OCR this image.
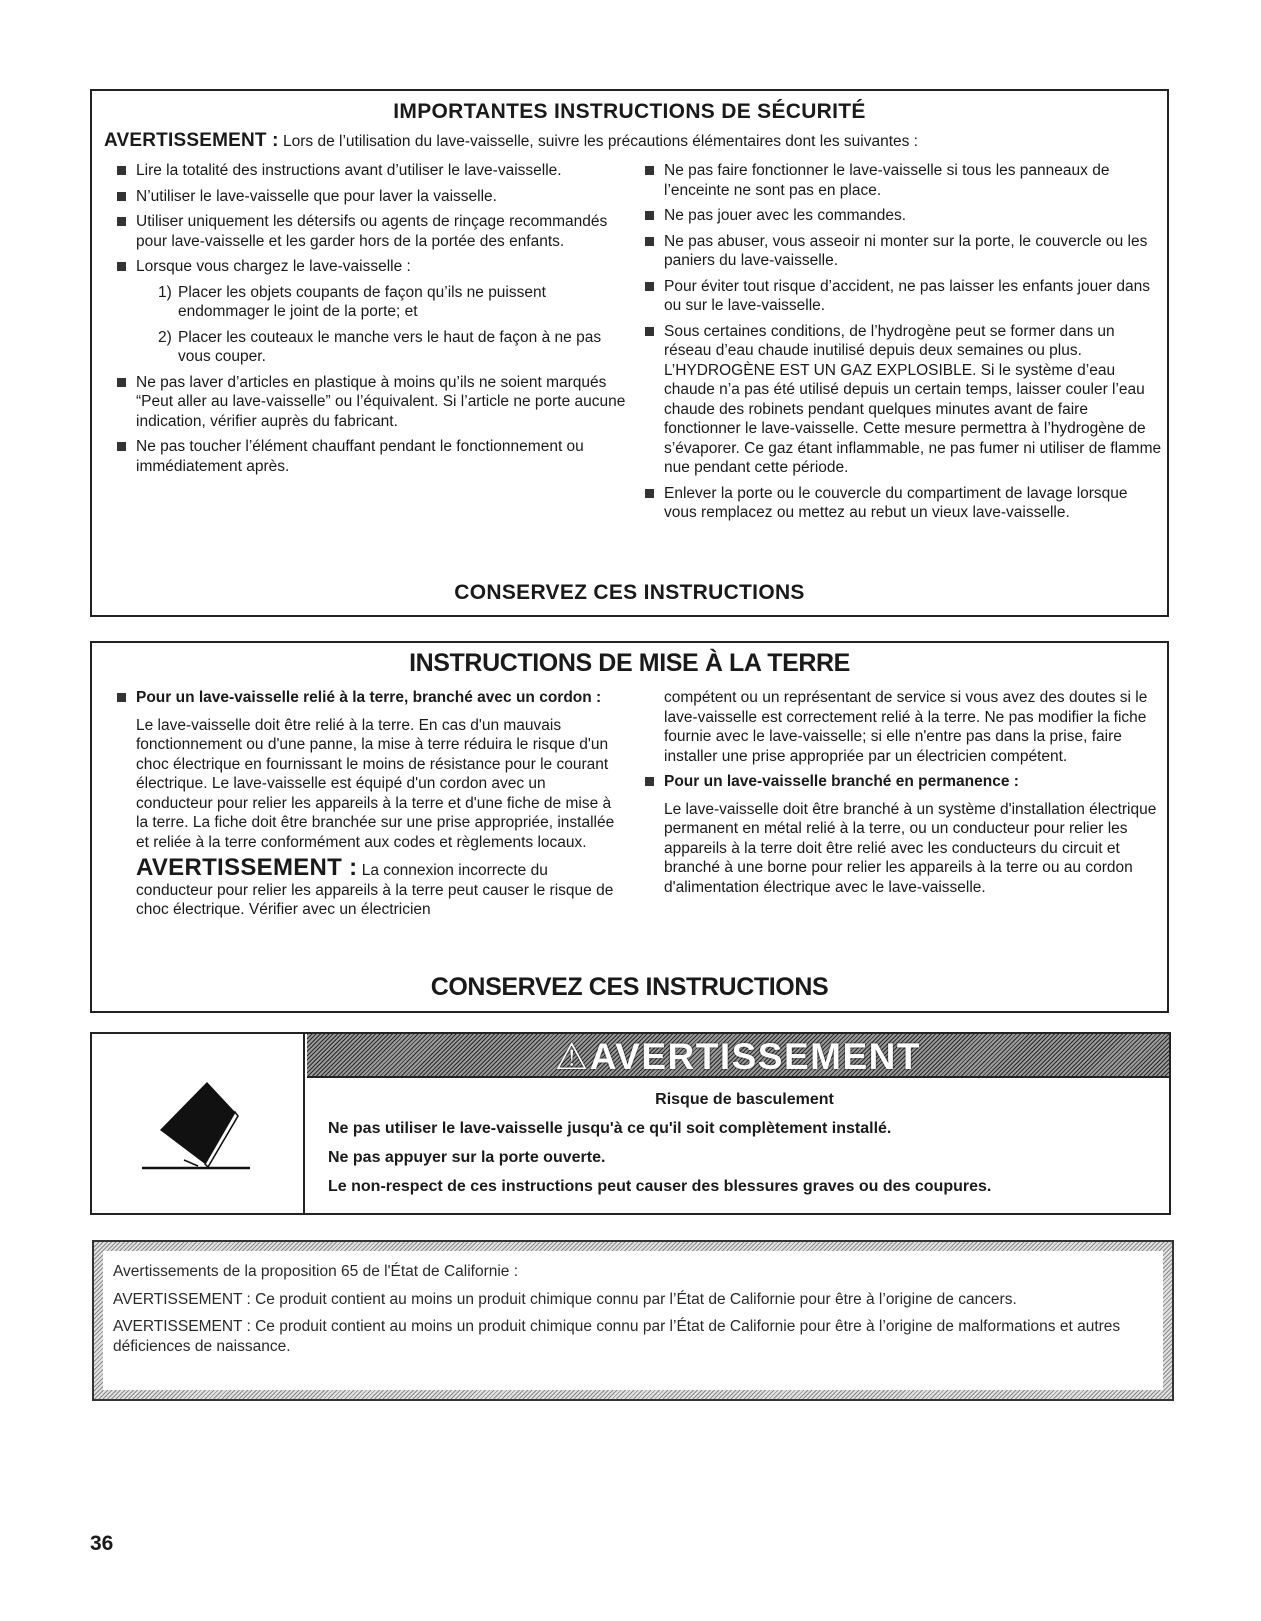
IMPORTANTES INSTRUCTIONS DE SÉCURITÉ
AVERTISSEMENT : Lors de l’utilisation du lave-vaisselle, suivre les précautions élémentaires dont les suivantes :
Lire la totalité des instructions avant d’utiliser le lave-vaisselle.
N’utiliser le lave-vaisselle que pour laver la vaisselle.
Utiliser uniquement les détersifs ou agents de rinçage recommandés pour lave-vaisselle et les garder hors de la portée des enfants.
Lorsque vous chargez le lave-vaisselle :
1) Placer les objets coupants de façon qu’ils ne puissent endommager le joint de la porte; et
2) Placer les couteaux le manche vers le haut de façon à ne pas vous couper.
Ne pas laver d’articles en plastique à moins qu’ils ne soient marqués “Peut aller au lave-vaisselle” ou l’équivalent. Si l’article ne porte aucune indication, vérifier auprès du fabricant.
Ne pas toucher l’élément chauffant pendant le fonctionnement ou immédiatement après.
Ne pas faire fonctionner le lave-vaisselle si tous les panneaux de l’enceinte ne sont pas en place.
Ne pas jouer avec les commandes.
Ne pas abuser, vous asseoir ni monter sur la porte, le couvercle ou les paniers du lave-vaisselle.
Pour éviter tout risque d’accident, ne pas laisser les enfants jouer dans ou sur le lave-vaisselle.
Sous certaines conditions, de l’hydrogène peut se former dans un réseau d’eau chaude inutilisé depuis deux semaines ou plus. L’HYDROGÈNE EST UN GAZ EXPLOSIBLE. Si le système d’eau chaude n’a pas été utilisé depuis un certain temps, laisser couler l’eau chaude des robinets pendant quelques minutes avant de faire fonctionner le lave-vaisselle. Cette mesure permettra à l’hydrogène de s’évaporer. Ce gaz étant inflammable, ne pas fumer ni utiliser de flamme nue pendant cette période.
Enlever la porte ou le couvercle du compartiment de lavage lorsque vous remplacez ou mettez au rebut un vieux lave-vaisselle.
CONSERVEZ CES INSTRUCTIONS
INSTRUCTIONS DE MISE À LA TERRE
Pour un lave-vaisselle relié à la terre, branché avec un cordon :
Le lave-vaisselle doit être relié à la terre. En cas d'un mauvais fonctionnement ou d'une panne, la mise à terre réduira le risque d'un choc électrique en fournissant le moins de résistance pour le courant électrique. Le lave-vaisselle est équipé d'un cordon avec un conducteur pour relier les appareils à la terre et d'une fiche de mise à la terre. La fiche doit être branchée sur une prise appropriée, installée et reliée à la terre conformément aux codes et règlements locaux.
AVERTISSEMENT : La connexion incorrecte du conducteur pour relier les appareils à la terre peut causer le risque de choc électrique. Vérifier avec un électricien
compétent ou un représentant de service si vous avez des doutes si le lave-vaisselle est correctement relié à la terre. Ne pas modifier la fiche fournie avec le lave-vaisselle; si elle n'entre pas dans la prise, faire installer une prise appropriée par un électricien compétent.
Pour un lave-vaisselle branché en permanence :
Le lave-vaisselle doit être branché à un système d'installation électrique permanent en métal relié à la terre, ou un conducteur pour relier les appareils à la terre doit être relié avec les conducteurs du circuit et branché à une borne pour relier les appareils à la terre ou au cordon d'alimentation électrique avec le lave-vaisselle.
CONSERVEZ CES INSTRUCTIONS
⚠AVERTISSEMENT
Risque de basculement
Ne pas utiliser le lave-vaisselle jusqu'à ce qu'il soit complètement installé.
Ne pas appuyer sur la porte ouverte.
Le non-respect de ces instructions peut causer des blessures graves ou des coupures.
Avertissements de la proposition 65 de l'État de Californie :
AVERTISSEMENT : Ce produit contient au moins un produit chimique connu par l’État de Californie pour être à l’origine de cancers.
AVERTISSEMENT : Ce produit contient au moins un produit chimique connu par l’État de Californie pour être à l’origine de malformations et autres déficiences de naissance.
36
